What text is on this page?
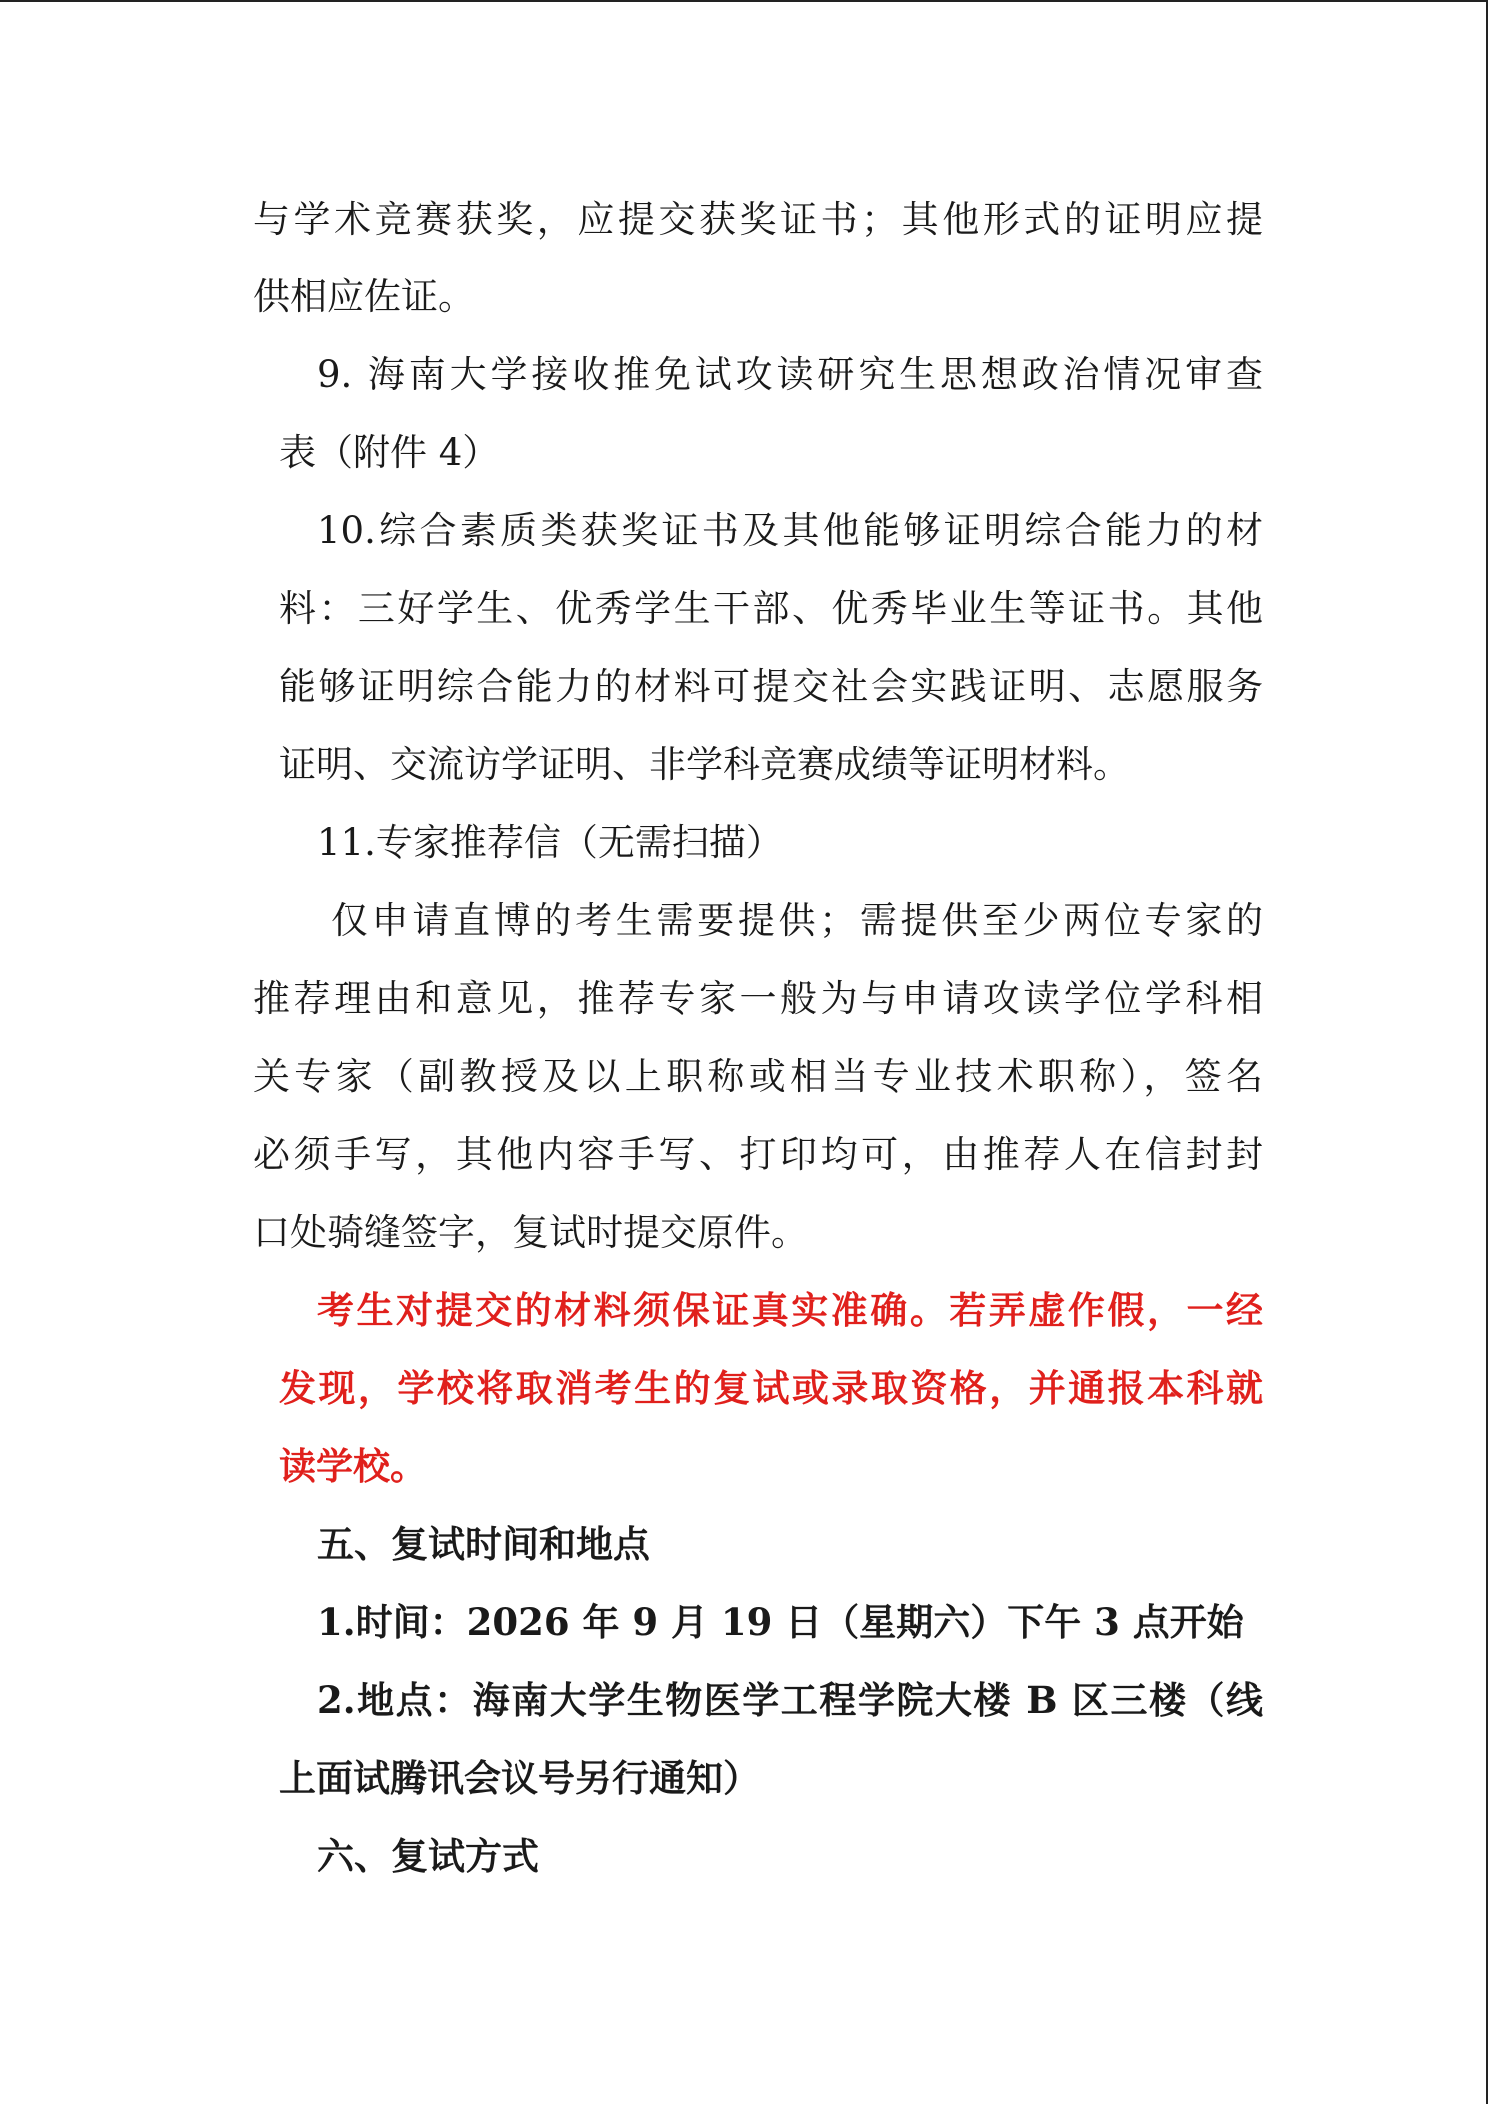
与学术竞赛获奖，应提交获奖证书；其他形式的证明应提
供相应佐证。
9. 海南大学接收推免试攻读研究生思想政治情况审查
表（附件 4）
10.综合素质类获奖证书及其他能够证明综合能力的材
料：三好学生、优秀学生干部、优秀毕业生等证书。其他
能够证明综合能力的材料可提交社会实践证明、志愿服务
证明、交流访学证明、非学科竞赛成绩等证明材料。
11.专家推荐信（无需扫描）
仅申请直博的考生需要提供；需提供至少两位专家的
推荐理由和意见，推荐专家一般为与申请攻读学位学科相
关专家（副教授及以上职称或相当专业技术职称），签名
必须手写，其他内容手写、打印均可，由推荐人在信封封
口处骑缝签字，复试时提交原件。
考生对提交的材料须保证真实准确。若弄虚作假，一经
发现，学校将取消考生的复试或录取资格，并通报本科就
读学校。
五、复试时间和地点
1.时间：2026 年 9 月 19 日（星期六）下午 3 点开始
2.地点：海南大学生物医学工程学院大楼 B 区三楼（线
上面试腾讯会议号另行通知）
六、复试方式
